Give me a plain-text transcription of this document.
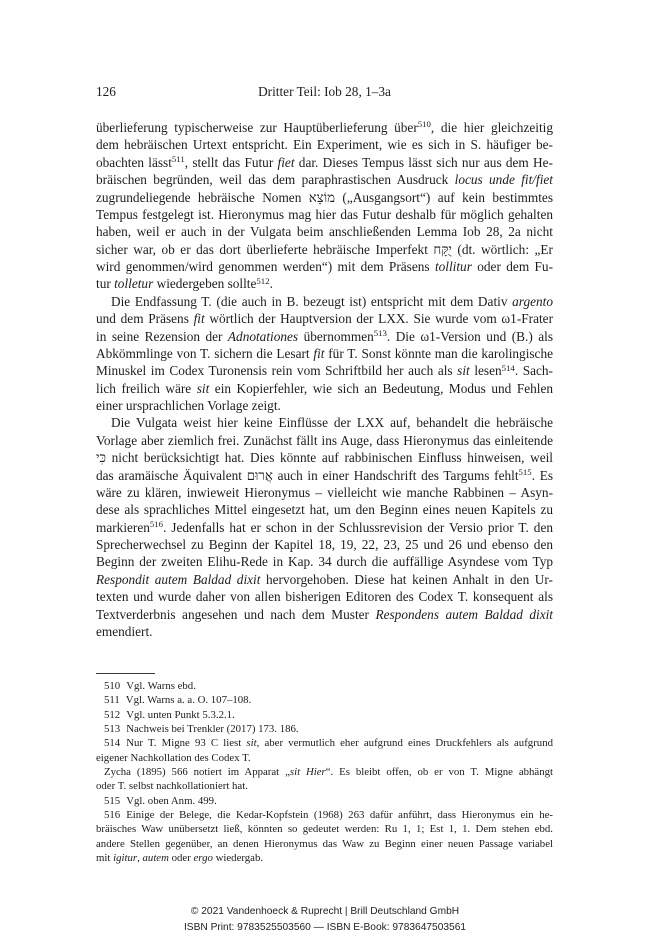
126	Dritter Teil: Iob 28, 1–3a
überlieferung typischerweise zur Hauptüberlieferung über$^{510}$, die hier gleichzeitig
dem hebräischen Urtext entspricht. Ein Experiment, wie es sich in S. häufiger be-
obachten lässt$^{511}$, stellt das Futur fiet dar. Dieses Tempus lässt sich nur aus dem He-
bräischen begründen, weil das dem paraphrastischen Ausdruck locus unde fit/fiet
zugrundeliegende hebräische Nomen מוֹצָא („Ausgangsort“) auf kein bestimmtes
Tempus festgelegt ist. Hieronymus mag hier das Futur deshalb für möglich gehalten
haben, weil er auch in der Vulgata beim anschließenden Lemma Iob 28, 2a nicht
sicher war, ob er das dort überlieferte hebräische Imperfekt יֻקָּח (dt. wörtlich: „Er
wird genommen/wird genommen werden“) mit dem Präsens tollitur oder dem Fu-
tur tolletur wiedergeben sollte$^{512}$.
Die Endfassung T. (die auch in B. bezeugt ist) entspricht mit dem Dativ argento
und dem Präsens fit wörtlich der Hauptversion der LXX. Sie wurde vom ω1-Frater
in seine Rezension der Adnotationes übernommen$^{513}$. Die ω1-Version und (B.) als
Abkömmlinge von T. sichern die Lesart fit für T. Sonst könnte man die karolingische
Minuskel im Codex Turonensis rein vom Schriftbild her auch als sit lesen$^{514}$. Sach-
lich freilich wäre sit ein Kopierfehler, wie sich an Bedeutung, Modus und Fehlen
einer ursprachlichen Vorlage zeigt.
Die Vulgata weist hier keine Einflüsse der LXX auf, behandelt die hebräische
Vorlage aber ziemlich frei. Zunächst fällt ins Auge, dass Hieronymus das einleitende
כִּי nicht berücksichtigt hat. Dies könnte auf rabbinischen Einfluss hinweisen, weil
das aramäische Äquivalent אֲרוּם auch in einer Handschrift des Targums fehlt$^{515}$. Es
wäre zu klären, inwieweit Hieronymus – vielleicht wie manche Rabbinen – Asyn-
dese als sprachliches Mittel eingesetzt hat, um den Beginn eines neuen Kapitels zu
markieren$^{516}$. Jedenfalls hat er schon in der Schlussrevision der Versio prior T. den
Sprecherwechsel zu Beginn der Kapitel 18, 19, 22, 23, 25 und 26 und ebenso den
Beginn der zweiten Elihu-Rede in Kap. 34 durch die auffällige Asyndese vom Typ
Respondit autem Baldad dixit hervorgehoben. Diese hat keinen Anhalt in den Ur-
texten und wurde daher von allen bisherigen Editoren des Codex T. konsequent als
Textverderbnis angesehen und nach dem Muster Respondens autem Baldad dixit
emendiert.
510 Vgl. Warns ebd.
511 Vgl. Warns a. a. O. 107–108.
512 Vgl. unten Punkt 5.3.2.1.
513 Nachweis bei Trenkler (2017) 173. 186.
514 Nur T. Migne 93 C liest sit, aber vermutlich eher aufgrund eines Druckfehlers als aufgrund
eigener Nachkollation des Codex T.
Zycha (1895) 566 notiert im Apparat „sit Hier“. Es bleibt offen, ob er von T. Migne abhängt
oder T. selbst nachkollationiert hat.
515 Vgl. oben Anm. 499.
516 Einige der Belege, die Kedar-Kopfstein (1968) 263 dafür anführt, dass Hieronymus ein he-
bräisches Waw unübersetzt ließ, könnten so gedeutet werden: Ru 1, 1; Est 1, 1. Dem stehen ebd.
andere Stellen gegenüber, an denen Hieronymus das Waw zu Beginn einer neuen Passage variabel
mit igitur, autem oder ergo wiedergab.
© 2021 Vandenhoeck & Ruprecht | Brill Deutschland GmbH
ISBN Print: 9783525503560 — ISBN E-Book: 9783647503561
